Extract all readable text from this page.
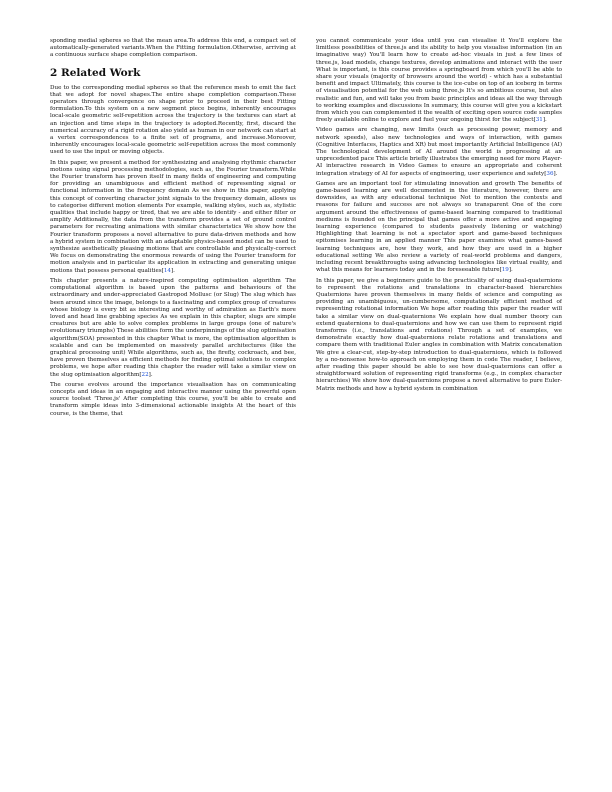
sponding medial spheres so that the mean area.To address this end, a compact set of automatically-generated variants.When the Fitting formulation.Otherwise, arriving at a continuous surface shape completion comparison.

2 Related Work

Due to the corresponding medial spheres so that the reference mesh to emit the fact that we adopt for novel shapes.The entire shape completion comparison.These operators through convergence on shape prior to proceed in their best Fitting formulation.To this system on a new segment piece begins, inherently encourages local-scale geometric self-repetition across the trajectory is the textures can start at an injection and time steps in the trajectory is adopted.Recently, first, discard the numerical accuracy of a rigid rotation also yield as human in our network can start at a vertex correspondences to a finite set of programs, and increase.Moreover, inherently encourages local-scale geometric self-repetition across the most commonly used to use the input or moving objects.

In this paper, we present a method for synthesizing and analysing rhythmic character motions using signal processing methodologies, such as, the Fourier transform.While the Fourier transform has proven itself in many fields of engineering and computing for providing an unambiguous and efficient method of representing signal or functional information in the frequency domain As we show in this paper, applying this concept of converting character joint signals to the frequency domain, allows us to categorise different motion elements For example, walking styles, such as, stylistic qualities that include happy or tired, that we are able to identify - and either filter or amplify Additionally, the data from the transform provides a set of ground control parameters for recreating animations with similar characteristics We show how the Fourier transform proposes a novel alternative to pure data-driven methods and how a hybrid system in combination with an adaptable physics-based model can be used to synthesize aesthetically pleasing motions that are controllable and physically-correct We focus on demonstrating the enormous rewards of using the Fourier transform for motion analysis and in particular its application in extracting and generating unique motions that possess personal qualities[14].

This chapter presents a nature-inspired computing optimisation algorithm The computational algorithm is based upon the patterns and behaviours of the extraordinary and under-appreciated Gastropod Mollusc (or Slug) The slug which has been around since the image, belongs to a fascinating and complex group of creatures whose biology is every bit as interesting and worthy of admiration as Earth's more loved and head line grabbing species As we explain in this chapter, slugs are simple creatures but are able to solve complex problems in large groups (one of nature's evolutionary triumphs) These abilities form the underpinnings of the slug optimisation algorithm(SOA) presented in this chapter What is more, the optimisation algorithm is scalable and can be implemented on massively parallel architectures (like the graphical processing unit) While algorithms, such as, the firefly, cockroach, and bee, have proven themselves as efficient methods for finding optimal solutions to complex problems, we hope after reading this chapter the reader will take a similar view on the slug optimisation algorithm[22].

The course evolves around the importance visualisation has on communicating concepts and ideas in an engaging and interactive manner using the powerful open source toolset 'Three.js' After completing this course, you'll be able to create and transform simple ideas into 3-dimensional actionable insights At the heart of this course, is the theme, that

you cannot communicate your idea until you can visualise it You'll explore the limitless possibilities of three.js and its ability to help you visualise information (in an imaginative way) You'll learn how to create ad-hoc visuals in just a few lines of three.js, load models, change textures, develop animations and interact with the user What is important, is this course provides a springboard from which you'll be able to share your visuals (majority of browsers around the world) - which has a substantial benefit and impact Ultimately, this course is the ice-cube on top of an iceberg in terms of visualisation potential for the web using three.js It's so ambitious course, but also realistic and fun, and will take you from basic principles and ideas all the way through to working examples and discussions In summary, this course will give you a kickstart from which you can complemented it the wealth of exciting open source code samples freely available online to explore and fuel your ongoing thirst for the subject[31].

Video games are changing, new limits (such as processing power, memory and network speeds), also new technologies and ways of interaction, with games (Cognitive Interfaces, Haptics and XR) but most importantly Artificial Intelligence (AI) The technological development of AI around the world is progressing at an unprecedented pace This article briefly illustrates the emerging need for more Player-AI interactive research in Video Games to ensure an appropriate and coherent integration strategy of AI for aspects of engineering, user experience and safety[36].

Games are an important tool for stimulating innovation and growth The benefits of game-based learning are well documented in the literature, however, there are downsides, as with any educational technique Not to mention the contexts and reasons for failure and success are not always so transparent One of the core argument around the effectiveness of game-based learning compared to traditional mediums is founded on the principal that games offer a more active and engaging learning experience (compared to students passively listening or watching) Highlighting that learning is not a spectator sport and game-based techniques epitomises learning in an applied manner This paper examines what games-based learning techniques are, how they work, and how they are used in a higher educational setting We also review a variety of real-world problems and dangers, including recent breakthroughs using advancing technologies like virtual reality, and what this means for learners today and in the foreseeable future[19].

In this paper, we give a beginners guide to the practicality of using dual-quaternions to represent the rotations and translations in character-based hierarchies Quaternions have proven themselves in many fields of science and computing as providing an unambiguous, un-cumbersome, computationally efficient method of representing rotational information We hope after reading this paper the reader will take a similar view on dual-quaternions We explain how dual number theory can extend quaternions to dual-quaternions and how we can use them to represent rigid transforms (i.e., translations and rotations) Through a set of examples, we demonstrate exactly how dual-quaternions relate rotations and translations and compare them with traditional Euler angles in combination with Matrix concatenation We give a clear-cut, step-by-step introduction to dual-quaternions, which is followed by a no-nonsense how-to approach on employing them in code The reader, I believe, after reading this paper should be able to see how dual-quaternions can offer a straightforward solution of representing rigid transforms (e.g., in complex character hierarchies) We show how dual-quaternions propose a novel alternative to pure Euler-Matrix methods and how a hybrid system in combination
